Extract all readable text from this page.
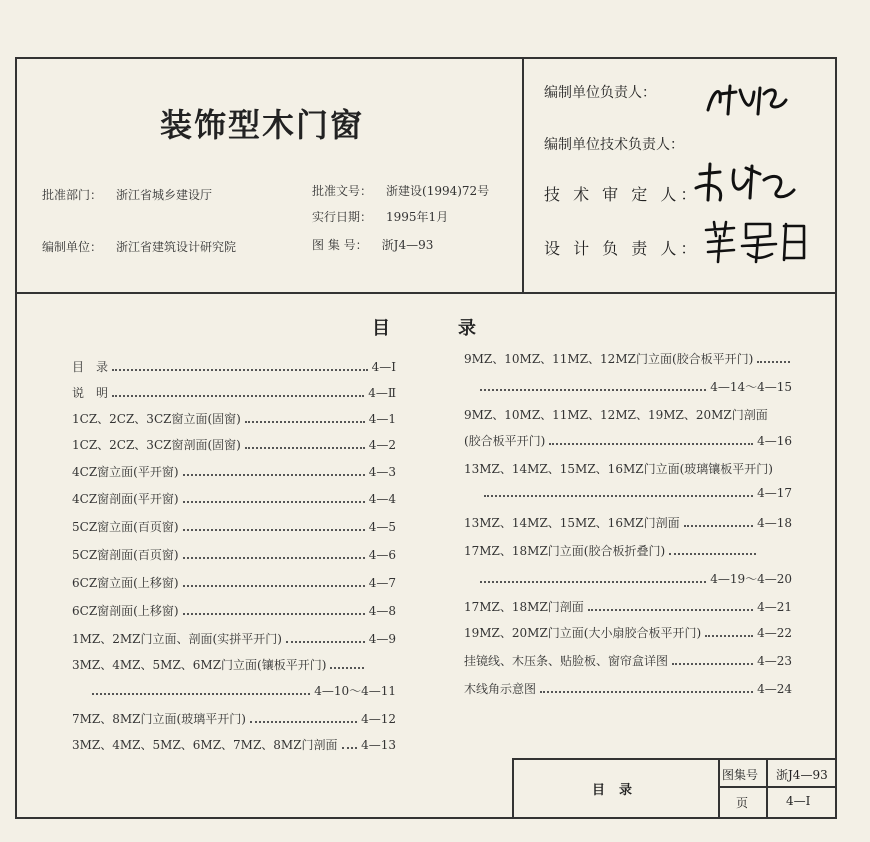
装饰型木门窗
批准部门： 浙江省城乡建设厅
编制单位： 浙江省建筑设计研究院
批准文号： 浙建设(1994)72号
实行日期： 1995年1月
图 集 号： 浙J4—93
编制单位负责人：
编制单位技术负责人：
技 术 审 定 人：
设 计 负 责 人：
目	录
目　录	4—Ⅰ
说　明	4—Ⅱ
1CZ、2CZ、3CZ窗立面(固窗)	4—1
1CZ、2CZ、3CZ窗剖面(固窗)	4—2
4CZ窗立面(平开窗)	4—3
4CZ窗剖面(平开窗)	4—4
5CZ窗立面(百页窗)	4—5
5CZ窗剖面(百页窗)	4—6
6CZ窗立面(上移窗)	4—7
6CZ窗剖面(上移窗)	4—8
1MZ、2MZ门立面、剖面(实拼平开门)	4—9
3MZ、4MZ、5MZ、6MZ门立面(镶板平开门)
4—10～4—11
7MZ、8MZ门立面(玻璃平开门)	4—12
3MZ、4MZ、5MZ、6MZ、7MZ、8MZ门剖面 4—13
9MZ、10MZ、11MZ、12MZ门立面(胶合板平开门)
4—14～4—15
9MZ、10MZ、11MZ、12MZ、19MZ、20MZ门剖面
(胶合板平开门)	4—16
13MZ、14MZ、15MZ、16MZ门立面(玻璃镶板平开门)
4—17
13MZ、14MZ、15MZ、16MZ门剖面	4—18
17MZ、18MZ门立面(胶合板折叠门)
4—19～4—20
17MZ、18MZ门剖面	4—21
19MZ、20MZ门立面(大小扇胶合板平开门)	4—22
挂镜线、木压条、贴脸板、窗帘盒详图	4—23
木线角示意图	4—24
目录
图集号 浙J4—93
页	4—Ⅰ
